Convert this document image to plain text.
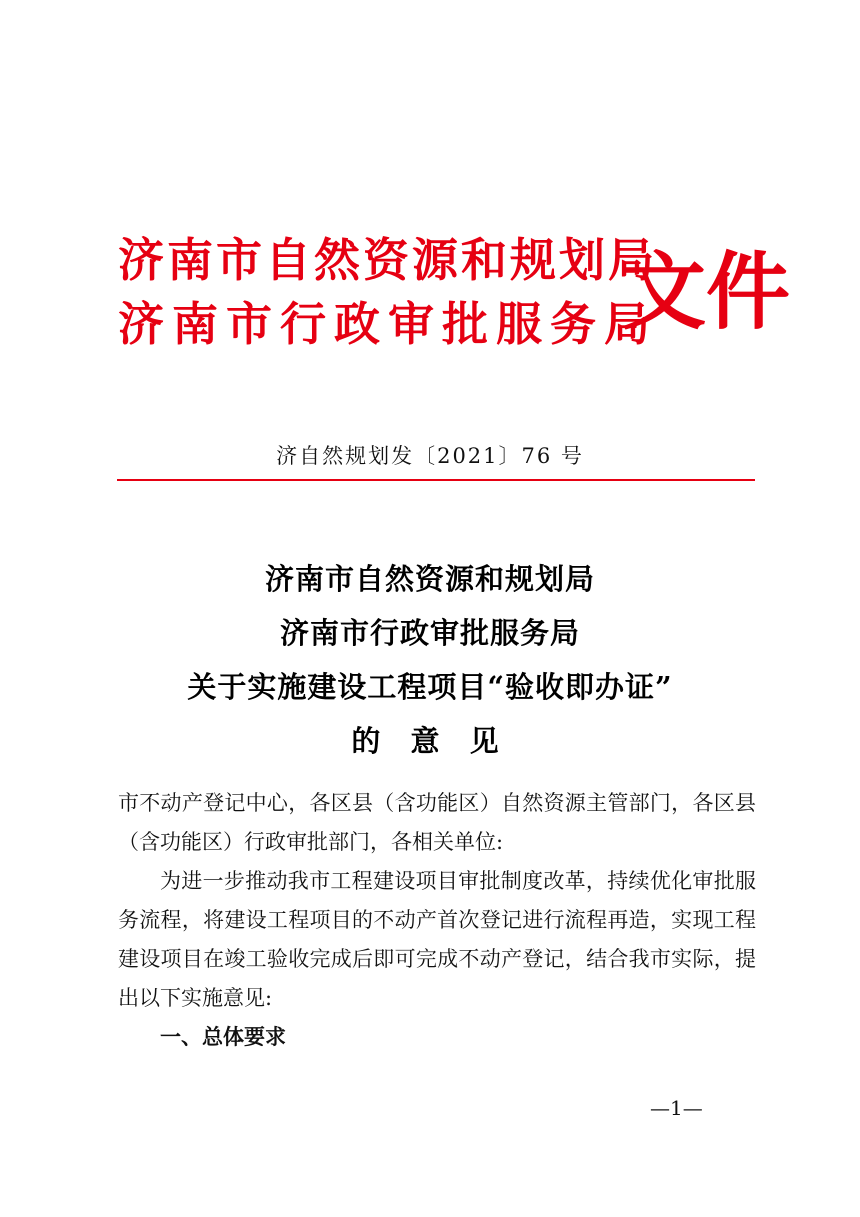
济南市自然资源和规划局
济南市行政审批服务局
文件
济自然规划发〔2021〕76 号
济南市自然资源和规划局
济南市行政审批服务局
关于实施建设工程项目“验收即办证”
的 意 见

市不动产登记中心，各区县（含功能区）自然资源主管部门，各区县（含功能区）行政审批部门，各相关单位:

为进一步推动我市工程建设项目审批制度改革，持续优化审批服务流程，将建设工程项目的不动产首次登记进行流程再造，实现工程建设项目在竣工验收完成后即可完成不动产登记，结合我市实际，提出以下实施意见:

一、总体要求

—1—
